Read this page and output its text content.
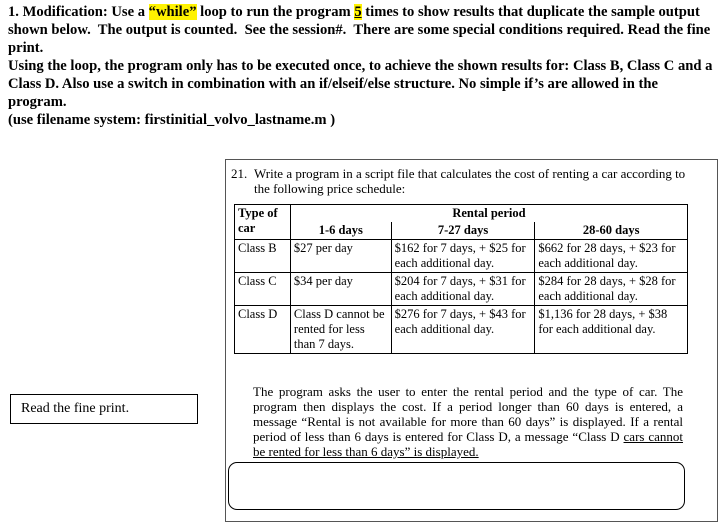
1. Modification: Use a “while” loop to run the program 5 times to show results that duplicate the sample output shown below.  The output is counted.  See the session#.  There are some special conditions required. Read the fine print.

Using the loop, the program only has to be executed once, to achieve the shown results for: Class B, Class C and a Class D. Also use a switch in combination with an if/elseif/else structure. No simple if’s are allowed in the program.

(use filename system: firstinitial_volvo_lastname.m )

Read the fine print.
21. Write a program in a script file that calculates the cost of renting a car according to the following price schedule:
Type of car	Rental period		
	1-6 days	7-27 days	28-60 days
Class B	$27 per day	$162 for 7 days, + $25 for each additional day.	$662 for 28 days, + $23 for each additional day.
Class C	$34 per day	$204 for 7 days, + $31 for each additional day.	$284 for 28 days, + $28 for each additional day.
Class D	Class D cannot be rented for less than 7 days.	$276 for 7 days, + $43 for each additional day.	$1,136 for 28 days, + $38 for each additional day.
The program asks the user to enter the rental period and the type of car. The program then displays the cost. If a period longer than 60 days is entered, a message “Rental is not available for more than 60 days” is displayed. If a rental period of less than 6 days is entered for Class D, a message “Class D cars cannot be rented for less than 6 days” is displayed.
